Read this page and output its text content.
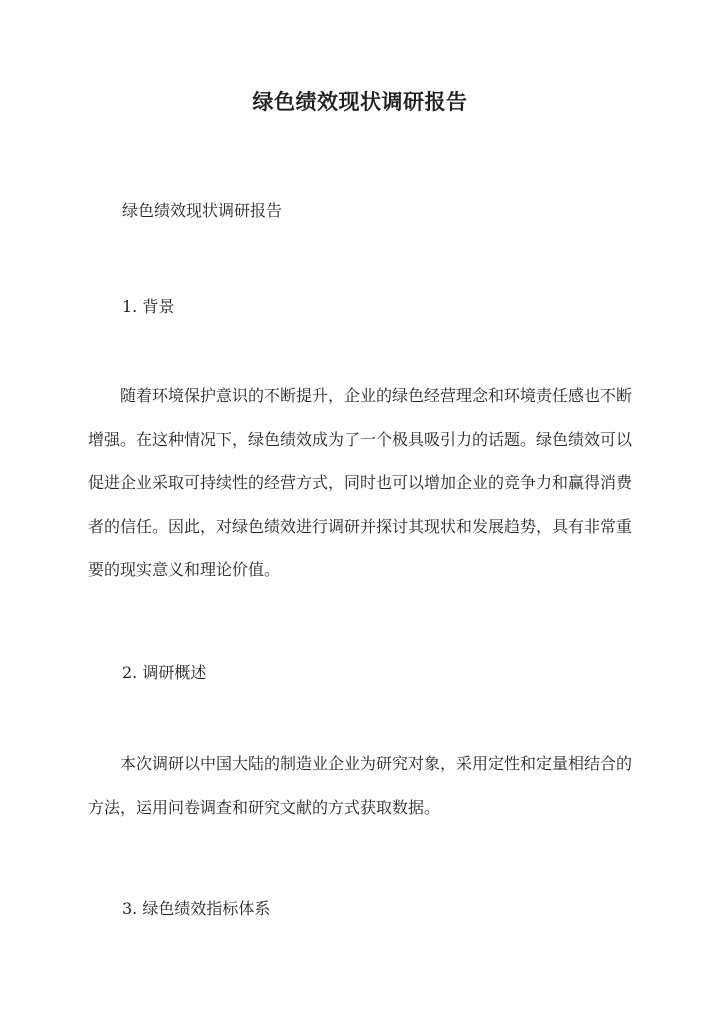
绿色绩效现状调研报告
绿色绩效现状调研报告
1. 背景
随着环境保护意识的不断提升，企业的绿色经营理念和环境责任感也不断增强。在这种情况下，绿色绩效成为了一个极具吸引力的话题。绿色绩效可以促进企业采取可持续性的经营方式，同时也可以增加企业的竞争力和赢得消费者的信任。因此，对绿色绩效进行调研并探讨其现状和发展趋势，具有非常重要的现实意义和理论价值。
2. 调研概述
本次调研以中国大陆的制造业企业为研究对象，采用定性和定量相结合的方法，运用问卷调查和研究文献的方式获取数据。
3. 绿色绩效指标体系
